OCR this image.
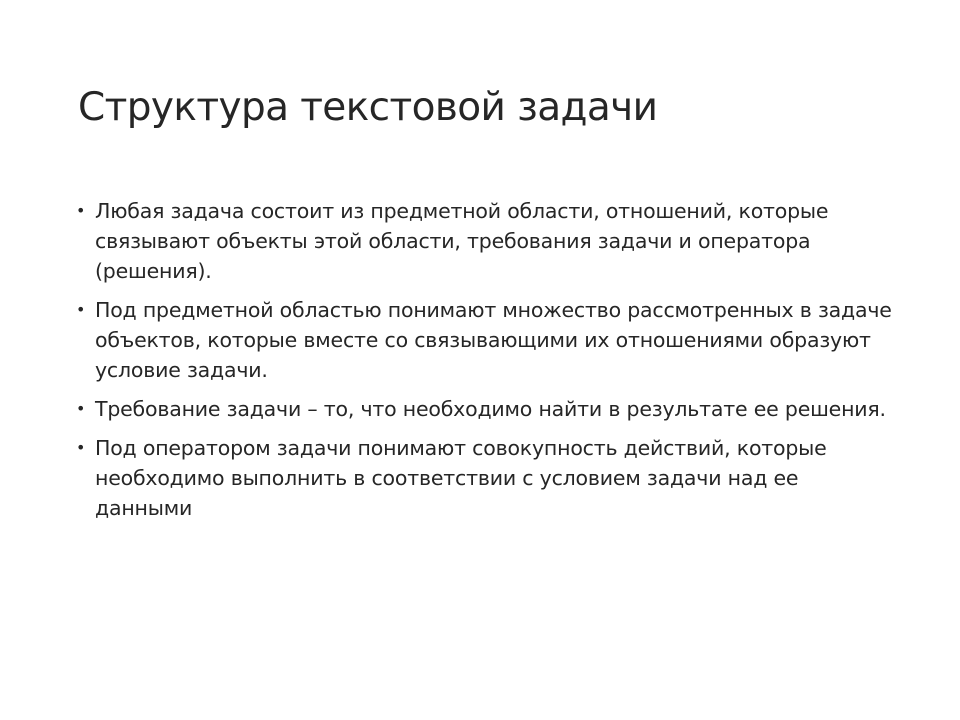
Структура текстовой задачи
• Любая задача состоит из предметной области, отношений, которые связывают объекты этой области, требования задачи и оператора (решения).
• Под предметной областью понимают множество рассмотренных в задаче объектов, которые вместе со связывающими их отношениями образуют условие задачи.
• Требование задачи – то, что необходимо найти в результате ее решения.
• Под оператором задачи понимают совокупность действий, которые необходимо выполнить в соответствии с условием задачи над ее данными
